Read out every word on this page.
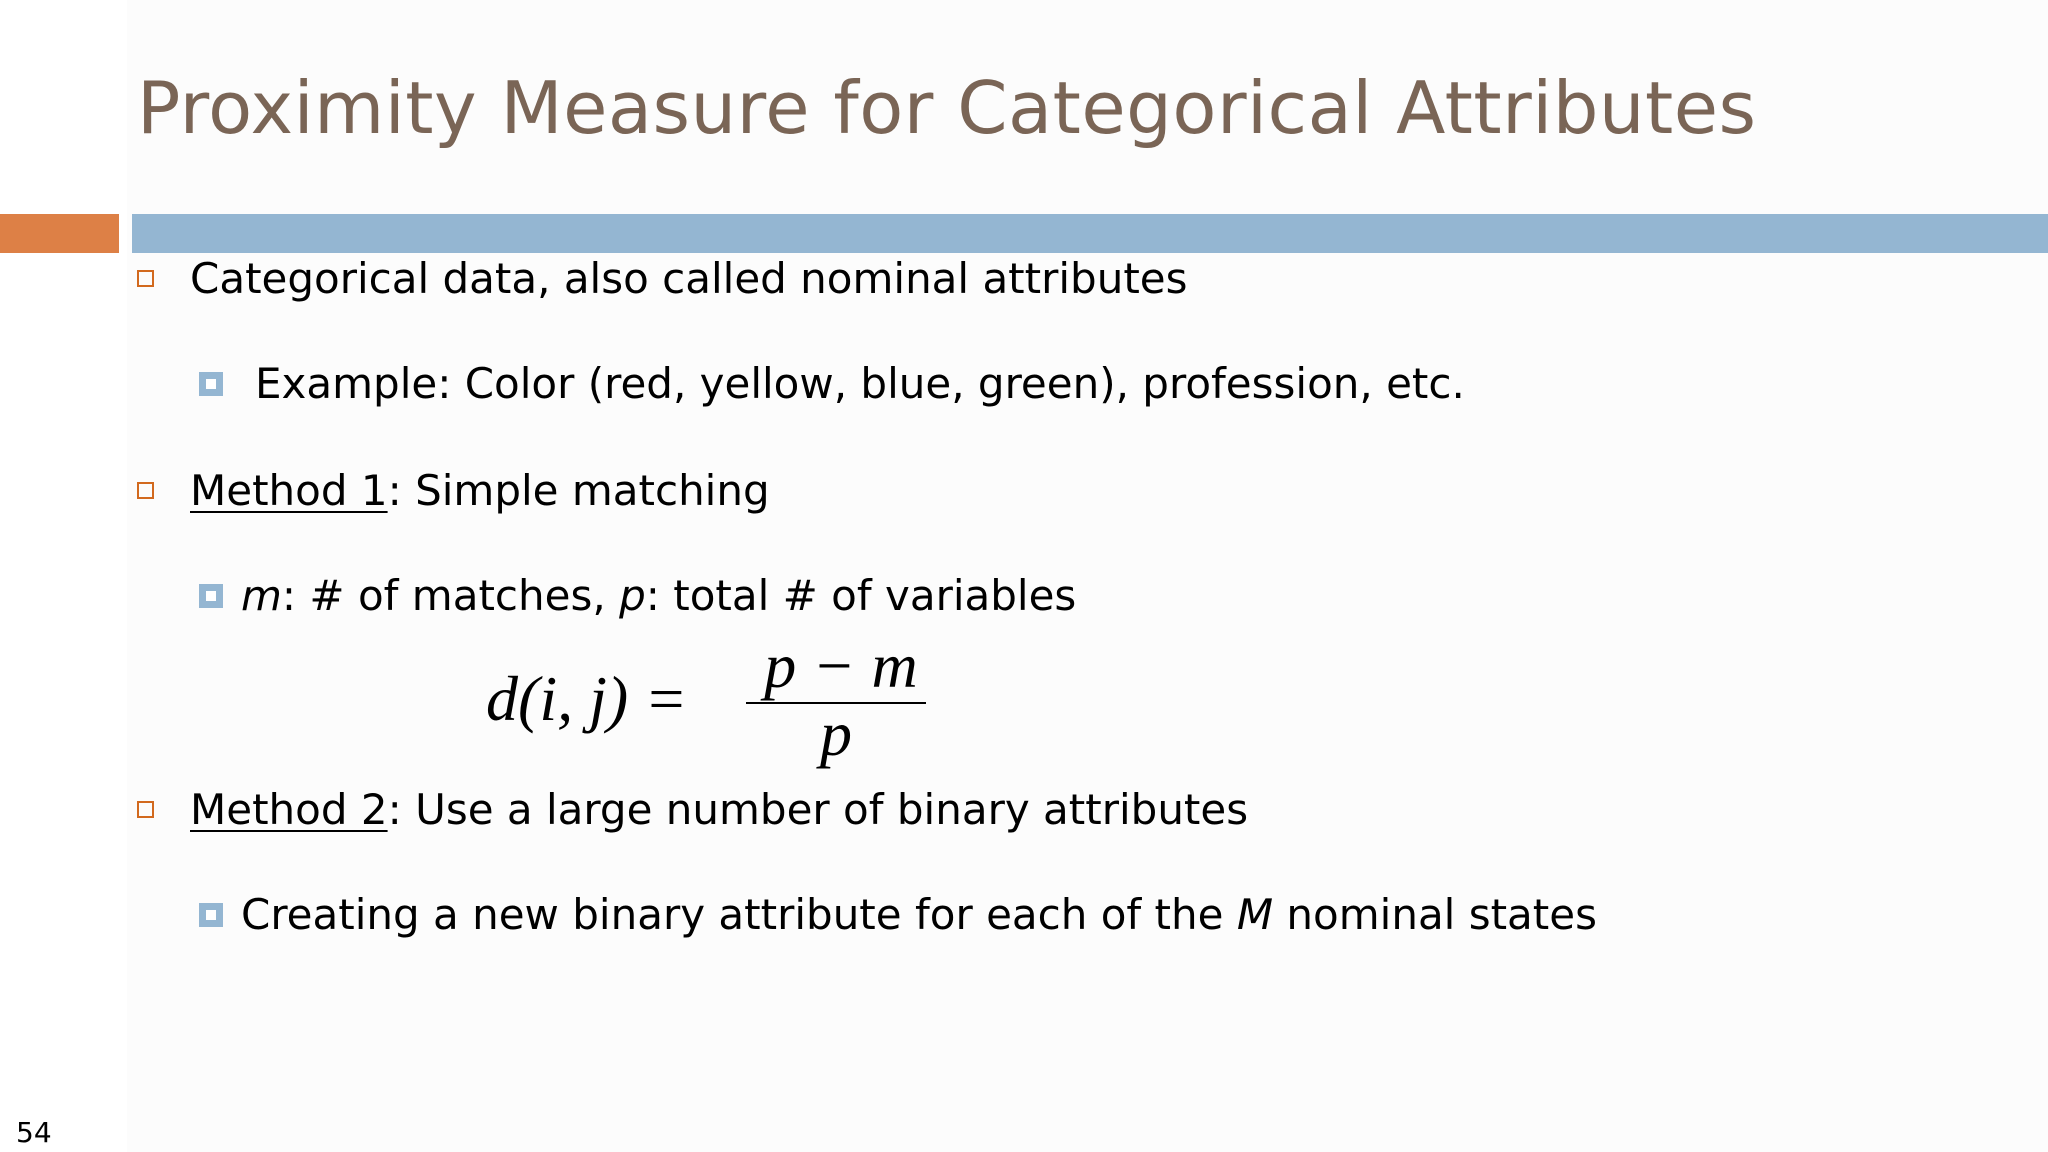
Proximity Measure for Categorical Attributes
Categorical data, also called nominal attributes
Example: Color (red, yellow, blue, green), profession, etc.
Method 1: Simple matching
m: # of matches, p: total # of variables
d(i, j) = p − m
p
Method 2: Use a large number of binary attributes
Creating a new binary attribute for each of the M nominal states
54
